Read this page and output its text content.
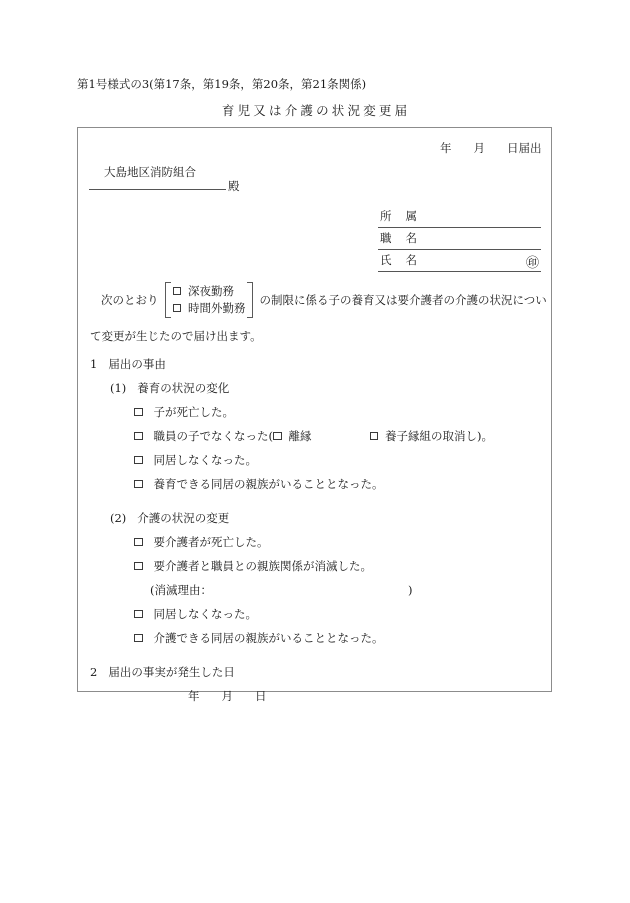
第1号様式の3(第17条，第19条，第20条，第21条関係)
育児又は介護の状況変更届
年 月 日届出
大島地区消防組合
殿
所 属
職 名
氏 名	㊞
次のとおり
深夜勤務
時間外勤務
の制限に係る子の養育又は要介護者の介護の状況につい
て変更が生じたので届け出ます。
1 届出の事由
(1) 養育の状況の変化
子が死亡した。
職員の子でなくなった( 離縁	養子縁組の取消し)。
同居しなくなった。
養育できる同居の親族がいることとなった。
(2) 介護の状況の変更
要介護者が死亡した。
要介護者と職員との親族関係が消滅した。
(消滅理由：	)
同居しなくなった。
介護できる同居の親族がいることとなった。
2 届出の事実が発生した日
年 月 日
